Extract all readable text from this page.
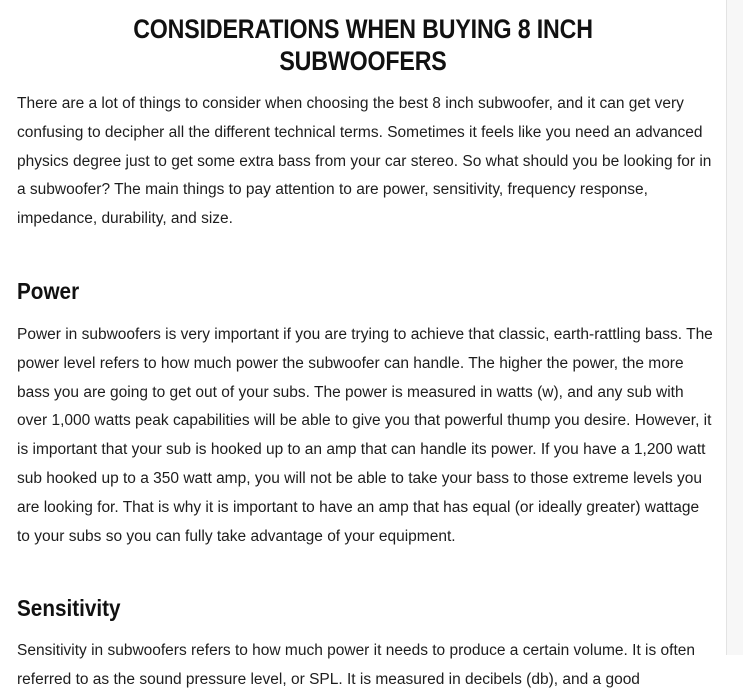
CONSIDERATIONS WHEN BUYING 8 INCH SUBWOOFERS

There are a lot of things to consider when choosing the best 8 inch subwoofer, and it can get very confusing to decipher all the different technical terms. Sometimes it feels like you need an advanced physics degree just to get some extra bass from your car stereo. So what should you be looking for in a subwoofer? The main things to pay attention to are power, sensitivity, frequency response, impedance, durability, and size.

Power

Power in subwoofers is very important if you are trying to achieve that classic, earth-rattling bass. The power level refers to how much power the subwoofer can handle. The higher the power, the more bass you are going to get out of your subs. The power is measured in watts (w), and any sub with over 1,000 watts peak capabilities will be able to give you that powerful thump you desire. However, it is important that your sub is hooked up to an amp that can handle its power. If you have a 1,200 watt sub hooked up to a 350 watt amp, you will not be able to take your bass to those extreme levels you are looking for. That is why it is important to have an amp that has equal (or ideally greater) wattage to your subs so you can fully take advantage of your equipment.

Sensitivity

Sensitivity in subwoofers refers to how much power it needs to produce a certain volume. It is often referred to as the sound pressure level, or SPL. It is measured in decibels (db), and a good
